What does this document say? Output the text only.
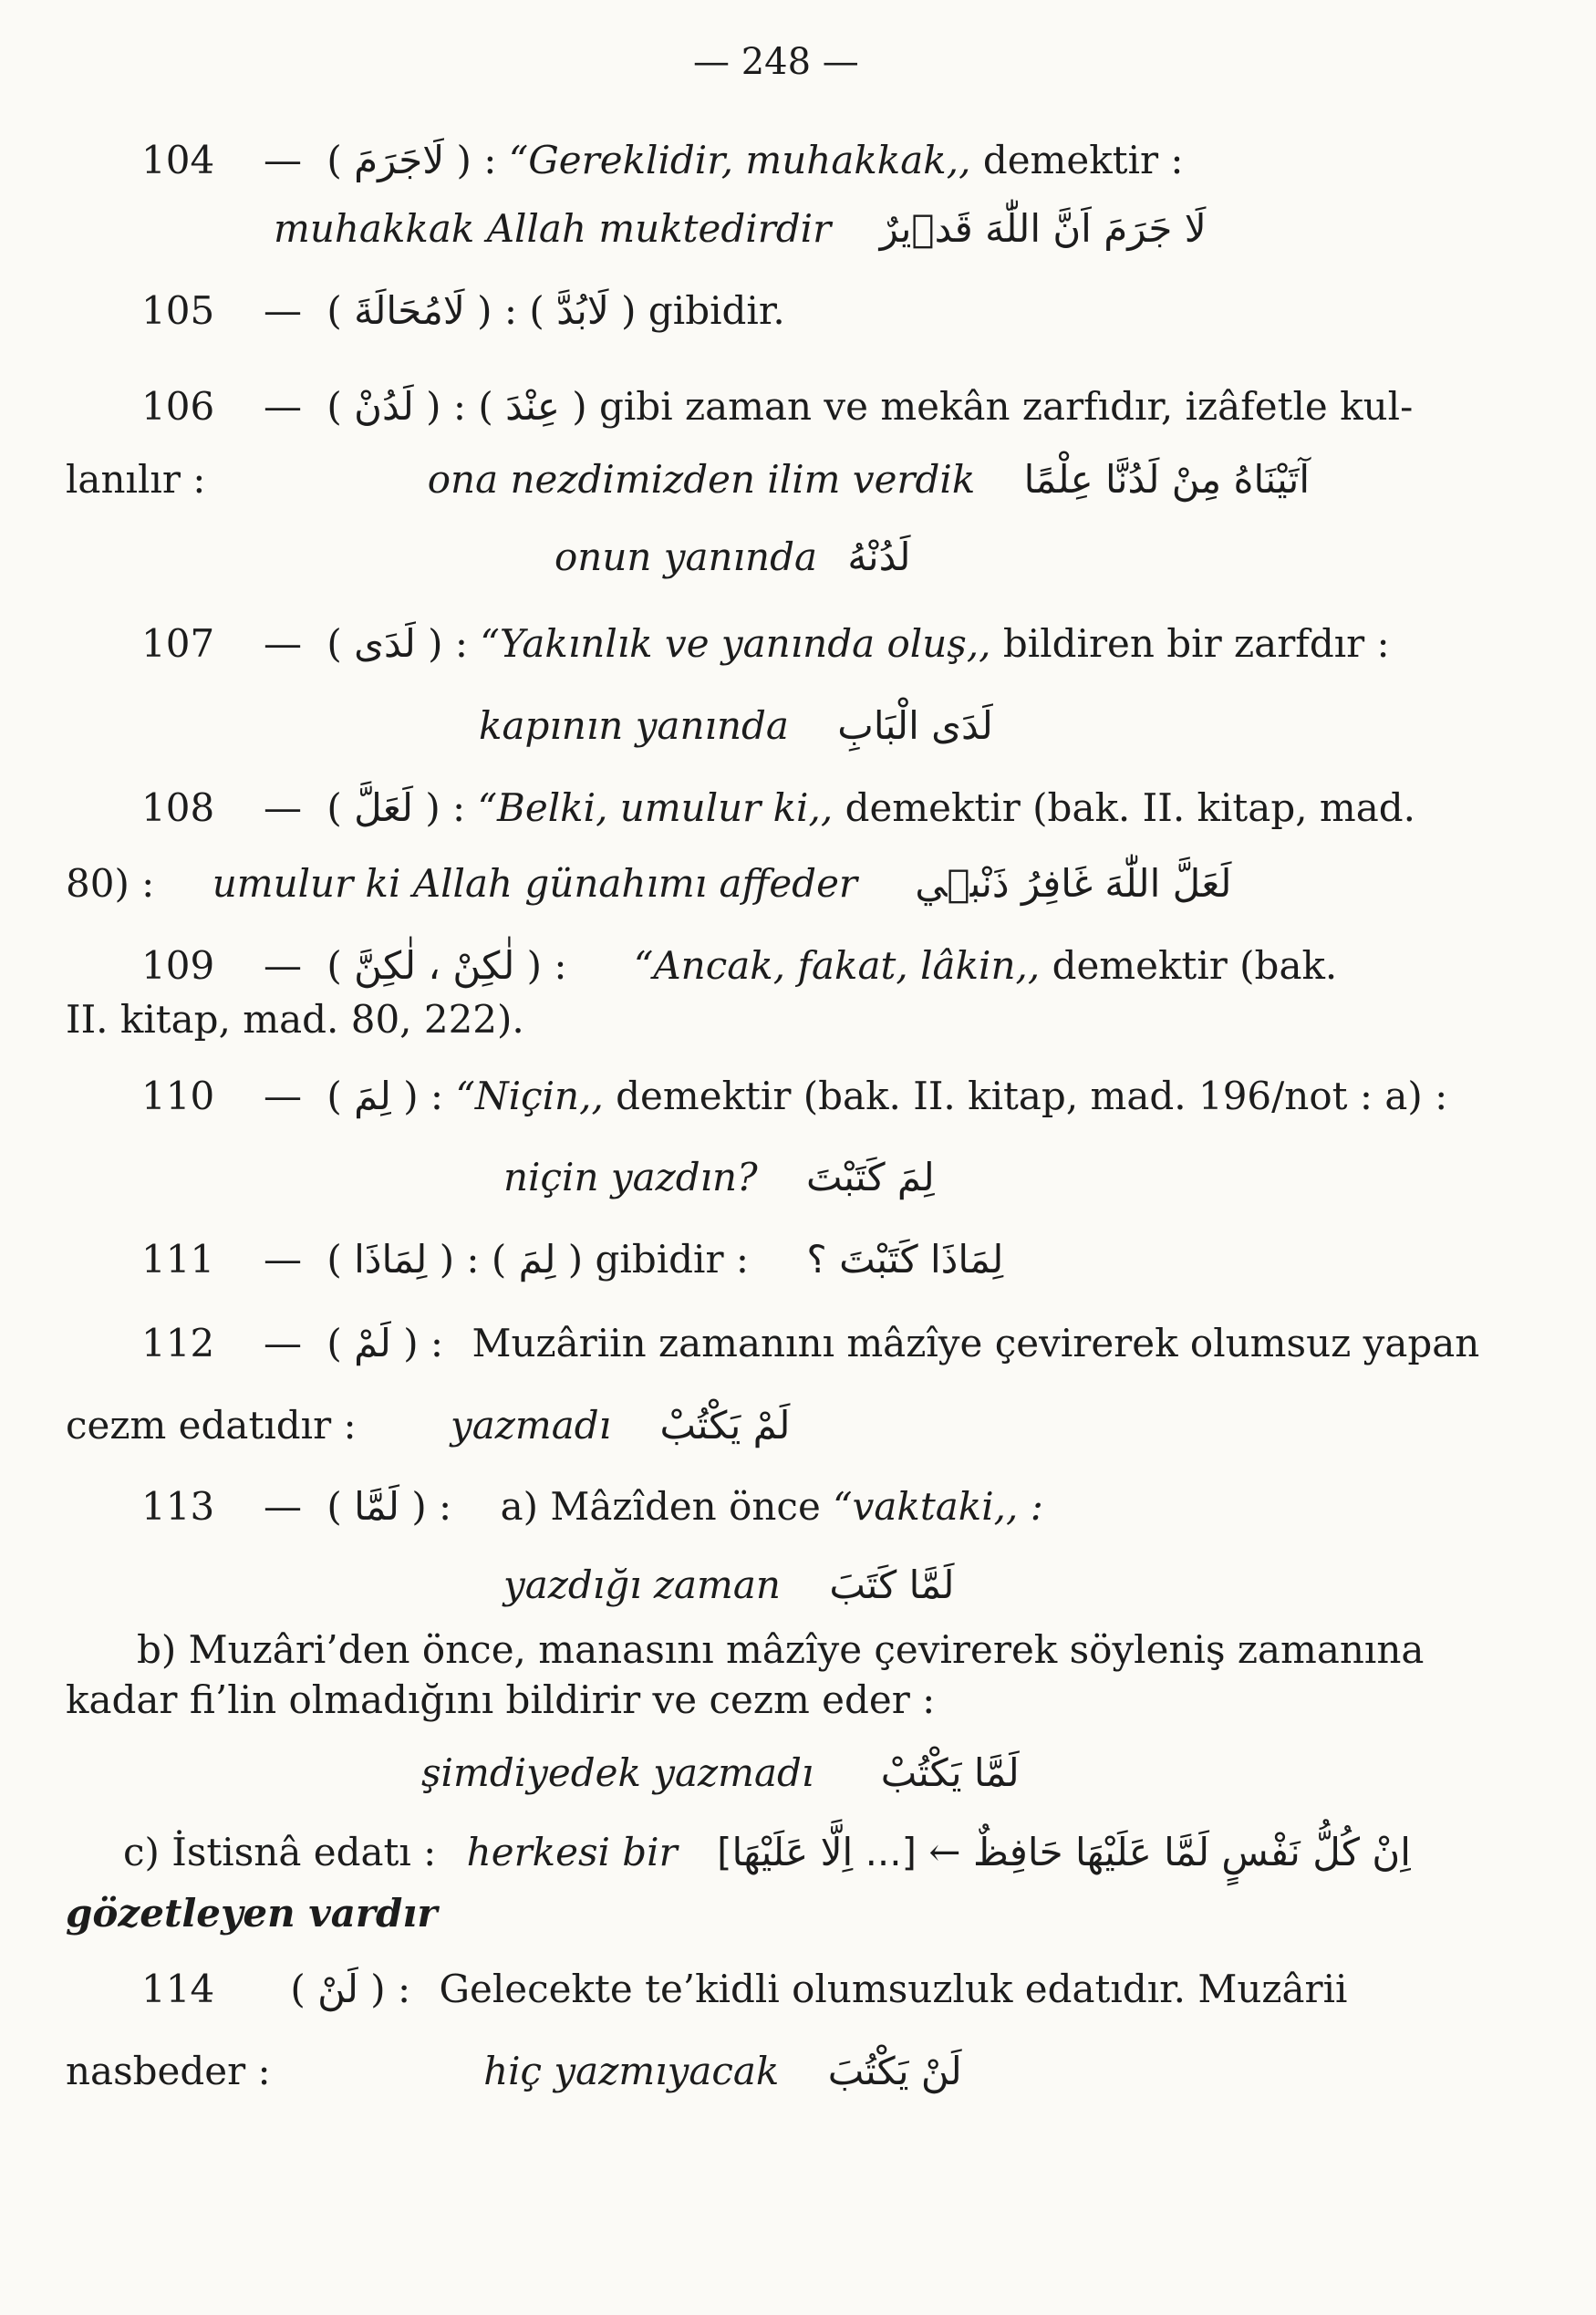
— 248 —
104 — ( لَاجَرَمَ ) : “Gereklidir, muhakkak,, demektir :
muhakkak Allah muktedirdir لَا جَرَمَ اَنَّ اللّٰهَ قَد۪يرٌ
105 — ( لَامُحَالَةَ ) : ( لَابُدَّ ) gibidir.
106 — ( لَدُنْ ) : ( عِنْدَ ) gibi zaman ve mekân zarfıdır, izâfetle kul-
lanılır :	ona nezdimizden ilim verdik آتَيْنَاهُ مِنْ لَدُنَّا عِلْمًا
onun yanında لَدُنْهُ
107 — ( لَدَى ) : “Yakınlık ve yanında oluş,, bildiren bir zarfdır :
kapının yanında لَدَى الْبَابِ
108 — ( لَعَلَّ ) : “Belki, umulur ki,, demektir (bak. II. kitap, mad.
80) : umulur ki Allah günahımı affeder لَعَلَّ اللّٰهَ غَافِرُ ذَنْب۪ي
109 — ( لٰكِنْ ، لٰكِنَّ ) : “Ancak, fakat, lâkin,, demektir (bak.
II. kitap, mad. 80, 222).
110 — ( لِمَ ) : “Niçin,, demektir (bak. II. kitap, mad. 196/not : a) :
niçin yazdın? لِمَ كَتَبْتَ
111 — ( لِمَاذَا ) : ( لِمَ ) gibidir : لِمَاذَا كَتَبْتَ ؟
112 — ( لَمْ ) : Muzâriin zamanını mâzîye çevirerek olumsuz yapan
cezm edatıdır : yazmadı لَمْ يَكْتُبْ
113 — ( لَمَّا ) : a) Mâzîden önce “vaktaki,, :
yazdığı zaman لَمَّا كَتَبَ
b) Muzâri’den önce, manasını mâzîye çevirerek söyleniş zamanına
kadar fi’lin olmadığını bildirir ve cezm eder :
şimdiyedek yazmadı لَمَّا يَكْتُبْ
c) İstisnâ edatı : herkesi bir [... اِلَّا عَلَيْهَا] ← اِنْ كُلُّ نَفْسٍ لَمَّا عَلَيْهَا حَافِظٌ
gözetleyen vardır
114 ( لَنْ ) : Gelecekte te’kidli olumsuzluk edatıdır. Muzârii
nasbeder :	hiç yazmıyacak لَنْ يَكْتُبَ
